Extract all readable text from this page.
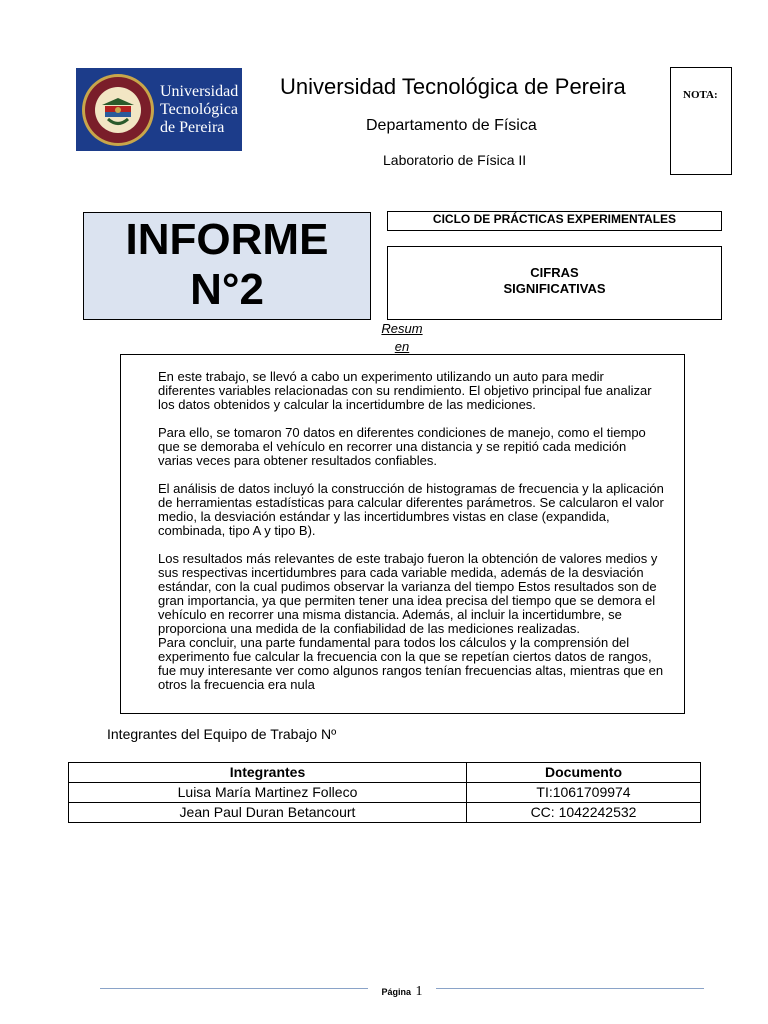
Universidad
Tecnológica
de Pereira
Universidad Tecnológica de Pereira
Departamento de Física
Laboratorio de Física II
NOTA:
INFORME
N°2
CICLO DE PRÁCTICAS EXPERIMENTALES
CIFRAS
SIGNIFICATIVAS
Resum
en

En este trabajo, se llevó a cabo un experimento utilizando un auto para medir diferentes variables relacionadas con su rendimiento. El objetivo principal fue analizar los datos obtenidos y calcular la incertidumbre de las mediciones.

Para ello, se tomaron 70 datos en diferentes condiciones de manejo, como el tiempo que se demoraba el vehículo en recorrer una distancia y se repitió cada medición varias veces para obtener resultados confiables.

El análisis de datos incluyó la construcción de histogramas de frecuencia y la aplicación de herramientas estadísticas para calcular diferentes parámetros. Se calcularon el valor medio, la desviación estándar y las incertidumbres vistas en clase (expandida, combinada, tipo A y tipo B).

Los resultados más relevantes de este trabajo fueron la obtención de valores medios y sus respectivas incertidumbres para cada variable medida, además de la desviación estándar, con la cual pudimos observar la varianza del tiempo Estos resultados son de gran importancia, ya que permiten tener una idea precisa del tiempo que se demora el vehículo en recorrer una misma distancia. Además, al incluir la incertidumbre, se proporciona una medida de la confiabilidad de las mediciones realizadas.

Para concluir, una parte fundamental para todos los cálculos y la comprensión del experimento fue calcular la frecuencia con la que se repetían ciertos datos de rangos, fue muy interesante ver como algunos rangos tenían frecuencias altas, mientras que en otros la frecuencia era nula

Integrantes del Equipo de Trabajo Nº
Integrantes	Documento
Luisa María Martinez Folleco	TI:1061709974
Jean Paul Duran Betancourt	CC: 1042242532
Página 1
